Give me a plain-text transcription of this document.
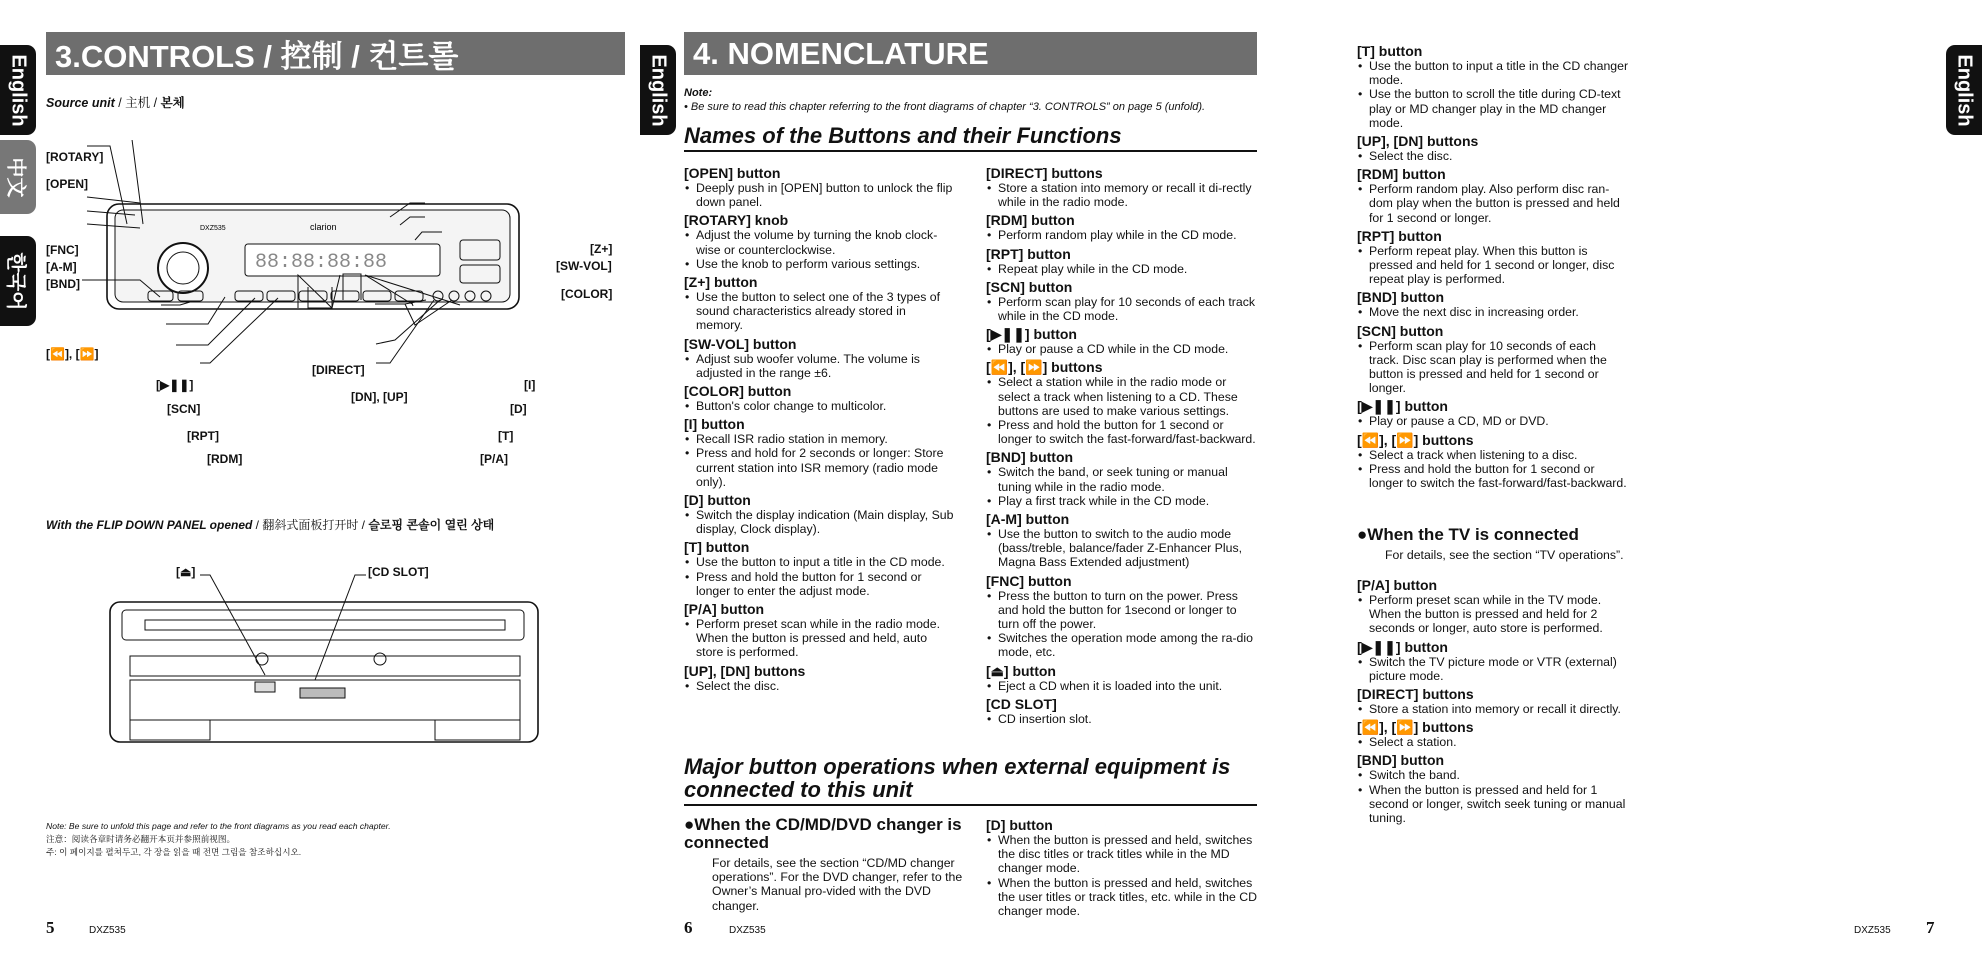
English
中文
한국어
3.CONTROLS / 控制 / 컨트롤
Source unit / 主机 / 본체
88:88:88:88
clarion
DXZ535
[ROTARY]
[OPEN]
[FNC]
[A-M]
[BND]
[⏪], [⏩]
[▶❚❚]
[SCN]
[RPT]
[RDM]
[DIRECT]
[DN], [UP]
[Z+]
[SW-VOL]
[COLOR]
[I]
[D]
[T]
[P/A]
With the FLIP DOWN PANEL opened / 翻斜式面板打开时 / 슬로핑 콘솔이 열린 상태
[⏏]	[CD SLOT]
Note: Be sure to unfold this page and refer to the front diagrams as you read each chapter.
注意：阅读各章时请务必翻开本页并参照前视图。
주: 이 페이지를 펼쳐두고, 각 장을 읽을 때 전면 그림을 참조하십시오.
5	DXZ535
English
4. NOMENCLATURE
Note:
• Be sure to read this chapter referring to the front diagrams of chapter “3. CONTROLS” on page 5 (unfold).
Names of the Buttons and their Functions
[OPEN] button
• Deeply push in [OPEN] button to unlock the flip down panel.
[ROTARY] knob
• Adjust the volume by turning the knob clock-wise or counterclockwise.
• Use the knob to perform various settings.
[Z+] button
• Use the button to select one of the 3 types of sound characteristics already stored in memory.
[SW-VOL] button
• Adjust sub woofer volume. The volume is adjusted in the range ±6.
[COLOR] button
• Button's color change to multicolor.
[I] button
• Recall ISR radio station in memory.
• Press and hold for 2 seconds or longer: Store current station into ISR memory (radio mode only).
[D] button
• Switch the display indication (Main display, Sub display, Clock display).
[T] button
• Use the button to input a title in the CD mode.
• Press and hold the button for 1 second or longer to enter the adjust mode.
[P/A] button
• Perform preset scan while in the radio mode. When the button is pressed and held, auto store is performed.
[UP], [DN] buttons
• Select the disc.
[DIRECT] buttons
• Store a station into memory or recall it di-rectly while in the radio mode.
[RDM] button
• Perform random play while in the CD mode.
[RPT] button
• Repeat play while in the CD mode.
[SCN] button
• Perform scan play for 10 seconds of each track while in the CD mode.
[▶❚❚] button
• Play or pause a CD while in the CD mode.
[⏪], [⏩] buttons
• Select a station while in the radio mode or select a track when listening to a CD. These buttons are used to make various settings.
• Press and hold the button for 1 second or longer to switch the fast-forward/fast-backward.
[BND] button
• Switch the band, or seek tuning or manual tuning while in the radio mode.
• Play a first track while in the CD mode.
[A-M] button
• Use the button to switch to the audio mode (bass/treble, balance/fader Z-Enhancer Plus, Magna Bass Extended adjustment)
[FNC] button
• Press the button to turn on the power. Press and hold the button for 1second or longer to turn off the power.
• Switches the operation mode among the ra-dio mode, etc.
[⏏] button
• Eject a CD when it is loaded into the unit.
[CD SLOT]
• CD insertion slot.
Major button operations when external equipment is connected to this unit
●When the CD/MD/DVD changer is connected
For details, see the section “CD/MD changer operations”. For the DVD changer, refer to the Owner’s Manual pro-vided with the DVD changer.
[D] button
• When the button is pressed and held, switches the disc titles or track titles while in the MD changer mode.
• When the button is pressed and held, switches the user titles or track titles, etc. while in the CD changer mode.
6	DXZ535
[T] button
• Use the button to input a title in the CD changer mode.
• Use the button to scroll the title during CD-text play or MD changer play in the MD changer mode.
[UP], [DN] buttons
• Select the disc.
[RDM] button
• Perform random play. Also perform disc ran-dom play when the button is pressed and held for 1 second or longer.
[RPT] button
• Perform repeat play. When this button is pressed and held for 1 second or longer, disc repeat play is performed.
[BND] button
• Move the next disc in increasing order.
[SCN] button
• Perform scan play for 10 seconds of each track. Disc scan play is performed when the button is pressed and held for 1 second or longer.
[▶❚❚] button
• Play or pause a CD, MD or DVD.
[⏪], [⏩] buttons
• Select a track when listening to a disc.
• Press and hold the button for 1 second or longer to switch the fast-forward/fast-backward.
●When the TV is connected
For details, see the section “TV operations”.
[P/A] button
• Perform preset scan while in the TV mode. When the button is pressed and held for 2 seconds or longer, auto store is performed.
[▶❚❚] button
• Switch the TV picture mode or VTR (external) picture mode.
[DIRECT] buttons
• Store a station into memory or recall it directly.
[⏪], [⏩] buttons
• Select a station.
[BND] button
• Switch the band.
• When the button is pressed and held for 1 second or longer, switch seek tuning or manual tuning.
English
DXZ535 7
